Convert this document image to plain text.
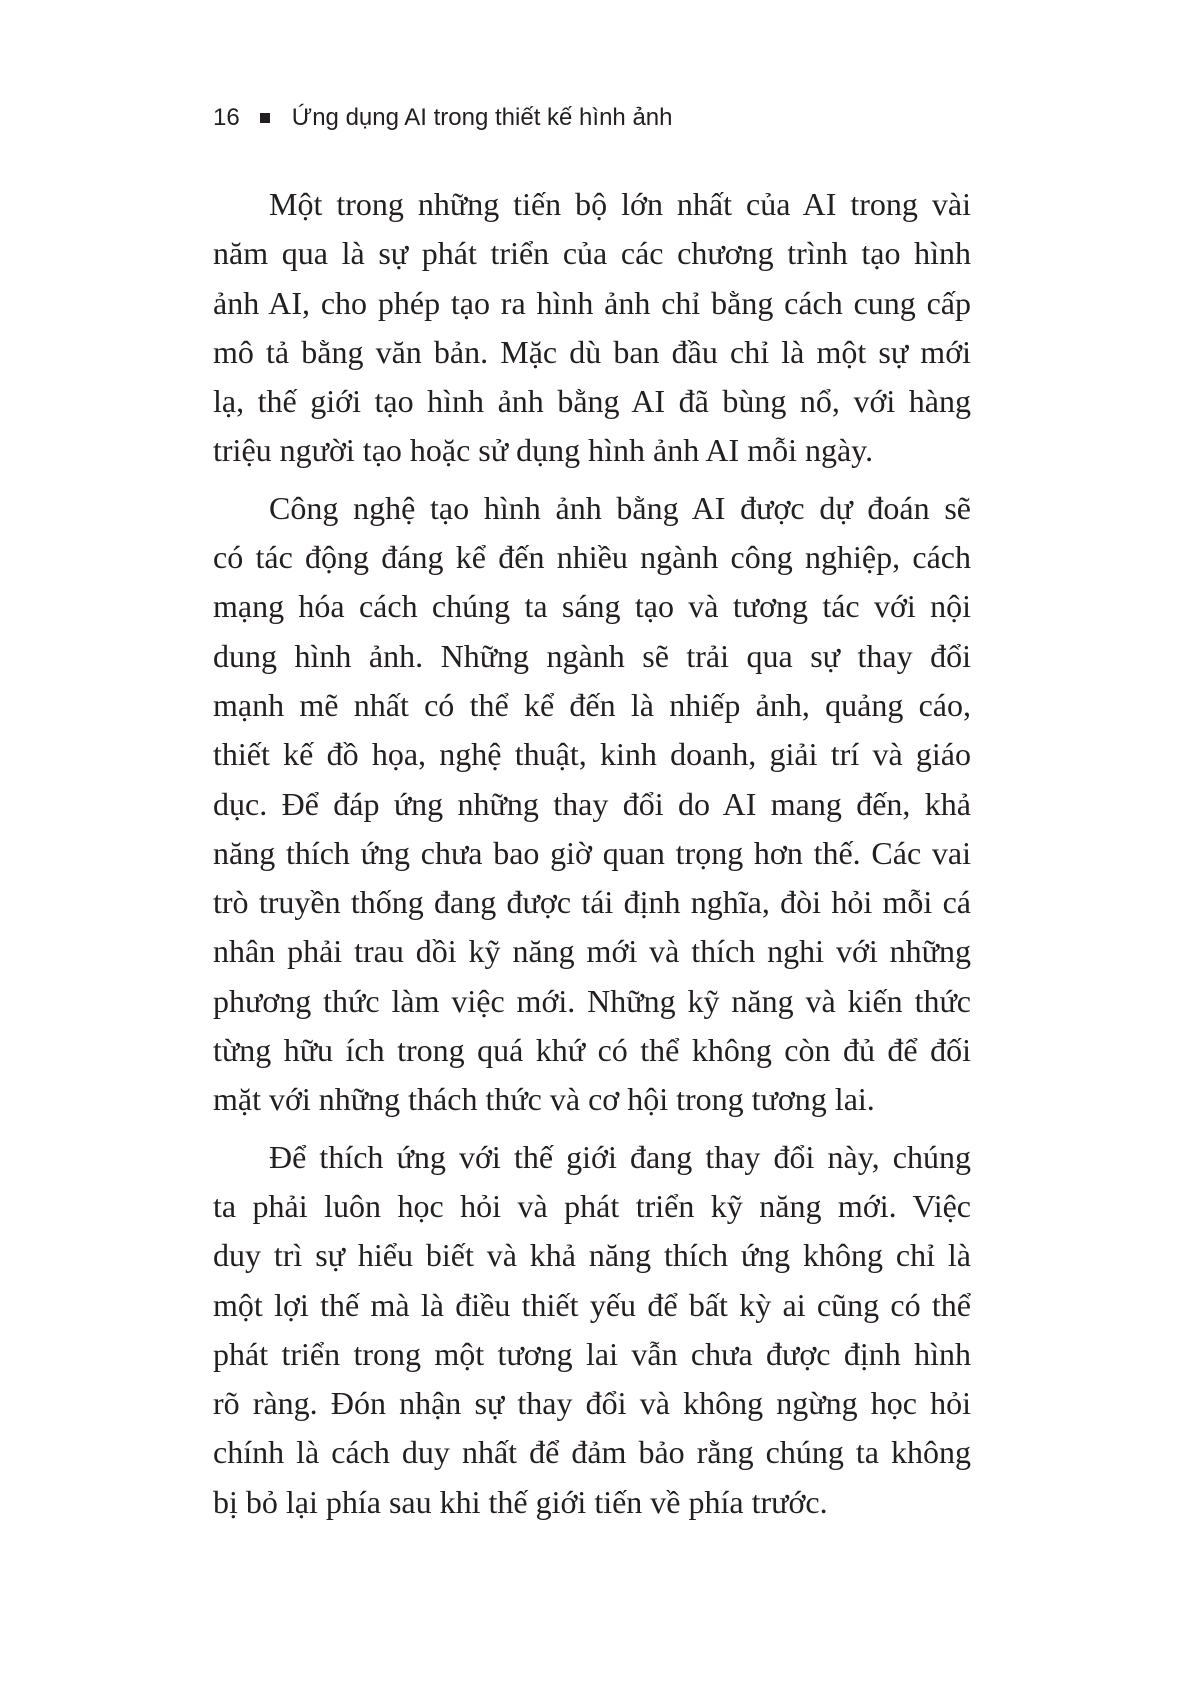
16 Ứng dụng AI trong thiết kế hình ảnh
Một trong những tiến bộ lớn nhất của AI trong vài
năm qua là sự phát triển của các chương trình tạo hình
ảnh AI, cho phép tạo ra hình ảnh chỉ bằng cách cung cấp
mô tả bằng văn bản. Mặc dù ban đầu chỉ là một sự mới
lạ, thế giới tạo hình ảnh bằng AI đã bùng nổ, với hàng
triệu người tạo hoặc sử dụng hình ảnh AI mỗi ngày.
Công nghệ tạo hình ảnh bằng AI được dự đoán sẽ
có tác động đáng kể đến nhiều ngành công nghiệp, cách
mạng hóa cách chúng ta sáng tạo và tương tác với nội
dung hình ảnh. Những ngành sẽ trải qua sự thay đổi
mạnh mẽ nhất có thể kể đến là nhiếp ảnh, quảng cáo,
thiết kế đồ họa, nghệ thuật, kinh doanh, giải trí và giáo
dục. Để đáp ứng những thay đổi do AI mang đến, khả
năng thích ứng chưa bao giờ quan trọng hơn thế. Các vai
trò truyền thống đang được tái định nghĩa, đòi hỏi mỗi cá
nhân phải trau dồi kỹ năng mới và thích nghi với những
phương thức làm việc mới. Những kỹ năng và kiến thức
từng hữu ích trong quá khứ có thể không còn đủ để đối
mặt với những thách thức và cơ hội trong tương lai.
Để thích ứng với thế giới đang thay đổi này, chúng
ta phải luôn học hỏi và phát triển kỹ năng mới. Việc
duy trì sự hiểu biết và khả năng thích ứng không chỉ là
một lợi thế mà là điều thiết yếu để bất kỳ ai cũng có thể
phát triển trong một tương lai vẫn chưa được định hình
rõ ràng. Đón nhận sự thay đổi và không ngừng học hỏi
chính là cách duy nhất để đảm bảo rằng chúng ta không
bị bỏ lại phía sau khi thế giới tiến về phía trước.
